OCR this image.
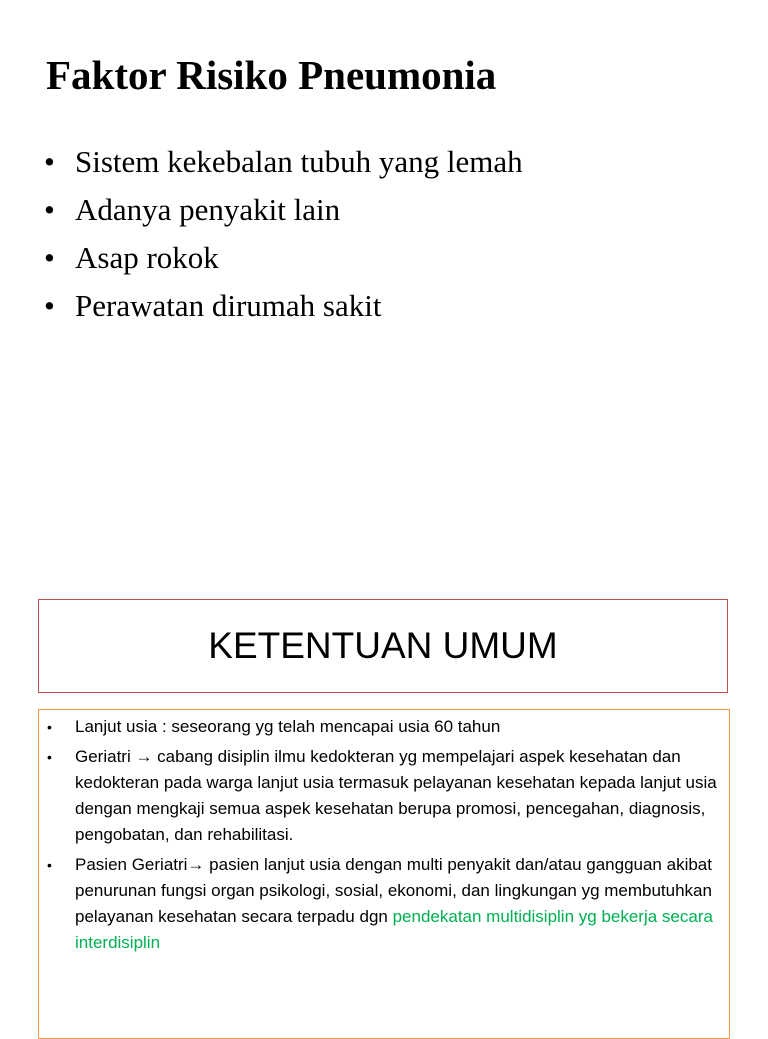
Faktor Risiko Pneumonia
• Sistem kekebalan tubuh yang lemah
• Adanya penyakit lain
• Asap rokok
• Perawatan dirumah sakit
KETENTUAN UMUM
• Lanjut usia : seseorang yg telah mencapai usia 60 tahun
• Geriatri → cabang disiplin ilmu kedokteran yg mempelajari aspek kesehatan dan kedokteran pada warga lanjut usia termasuk pelayanan kesehatan kepada lanjut usia dengan mengkaji semua aspek kesehatan berupa promosi, pencegahan, diagnosis, pengobatan, dan rehabilitasi.
• Pasien Geriatri→ pasien lanjut usia dengan multi penyakit dan/atau gangguan akibat penurunan fungsi organ psikologi, sosial, ekonomi, dan lingkungan yg membutuhkan pelayanan kesehatan secara terpadu dgn pendekatan multidisiplin yg bekerja secara interdisiplin
